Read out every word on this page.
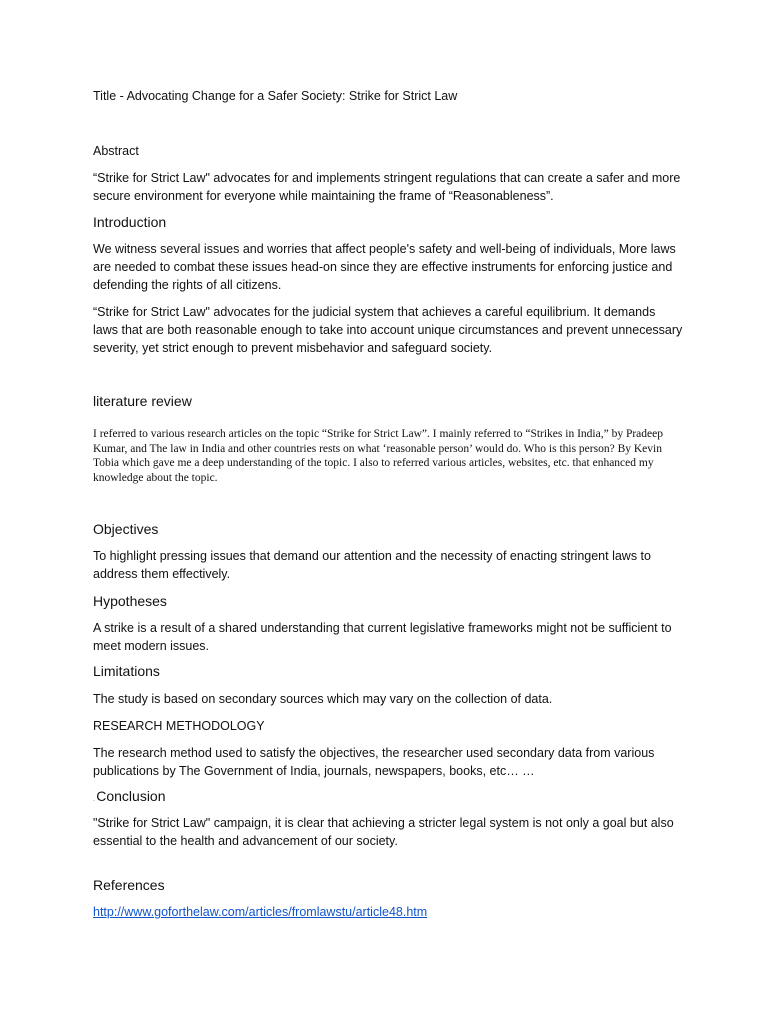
Title - Advocating Change for a Safer Society: Strike for Strict Law

Abstract

“Strike for Strict Law" advocates for and implements stringent regulations that can create a safer and more secure environment for everyone while maintaining the frame of “Reasonableness”.

Introduction

We witness several issues and worries that affect people's safety and well-being of individuals, More laws are needed to combat these issues head-on since they are effective instruments for enforcing justice and defending the rights of all citizens.

“Strike for Strict Law" advocates for the judicial system that achieves a careful equilibrium. It demands laws that are both reasonable enough to take into account unique circumstances and prevent unnecessary severity, yet strict enough to prevent misbehavior and safeguard society.

literature review

I referred to various research articles on the topic “Strike for Strict Law”. I mainly referred to “Strikes in India,” by Pradeep Kumar, and The law in India and other countries rests on what ‘reasonable person’ would do. Who is this person? By Kevin Tobia which gave me a deep understanding of the topic. I also to referred various articles, websites, etc. that enhanced my knowledge about the topic.

Objectives

To highlight pressing issues that demand our attention and the necessity of enacting stringent laws to address them effectively.

Hypotheses

A strike is a result of a shared understanding that current legislative frameworks might not be sufficient to meet modern issues.

Limitations

The study is based on secondary sources which may vary on the collection of data.

RESEARCH METHODOLOGY

The research method used to satisfy the objectives, the researcher used secondary data from various publications by The Government of India, journals, newspapers, books, etc… …

.Conclusion

"Strike for Strict Law" campaign, it is clear that achieving a stricter legal system is not only a goal but also essential to the health and advancement of our society.

References

http://www.goforthelaw.com/articles/fromlawstu/article48.htm
